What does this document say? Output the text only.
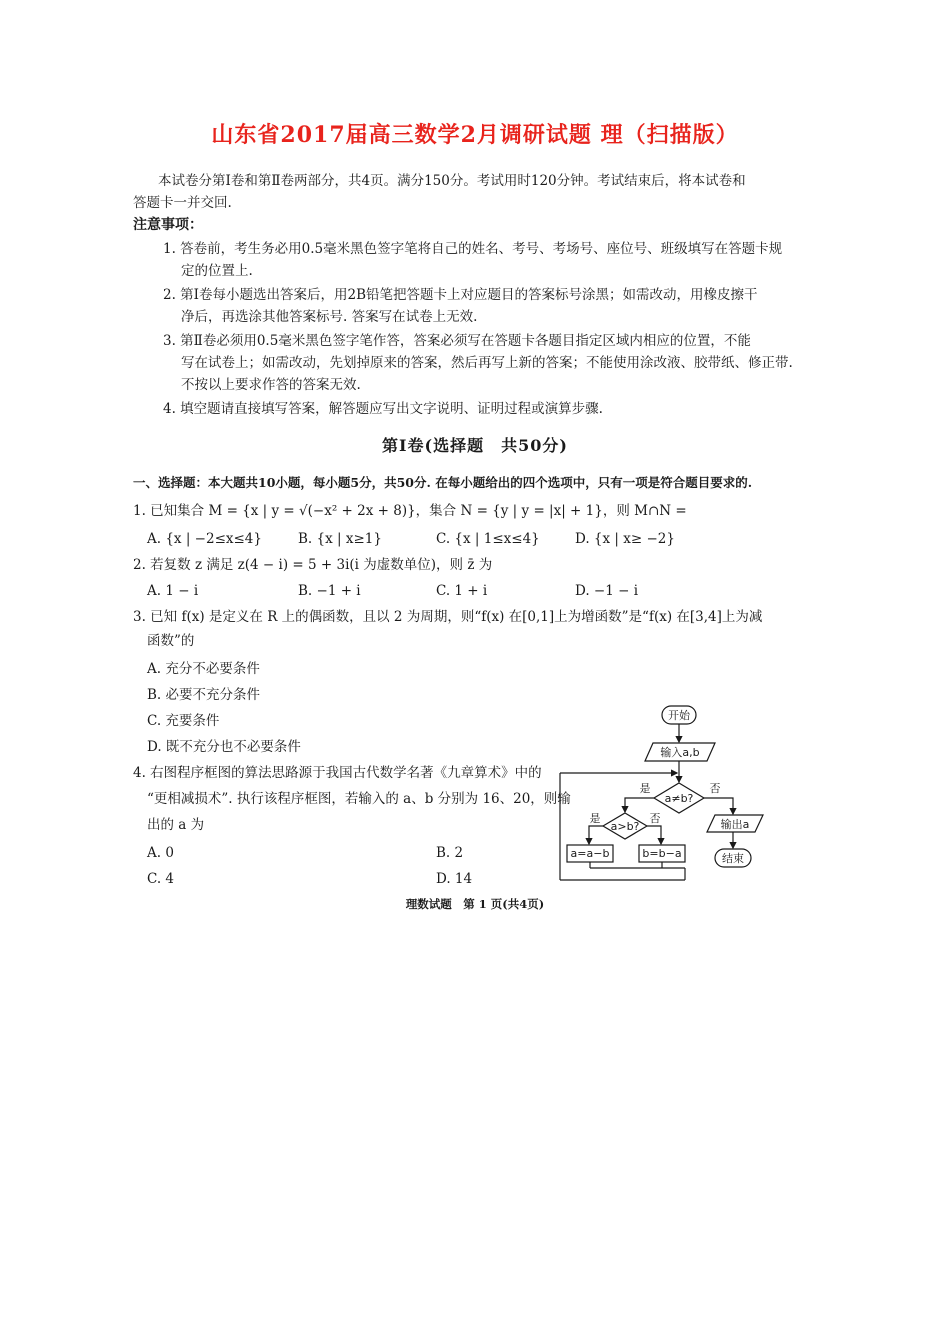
山东省2017届高三数学2月调研试题 理（扫描版）
本试卷分第Ⅰ卷和第Ⅱ卷两部分，共4页。满分150分。考试用时120分钟。考试结束后，将本试卷和
答题卡一并交回.
注意事项：
1. 答卷前，考生务必用0.5毫米黑色签字笔将自己的姓名、考号、考场号、座位号、班级填写在答题卡规
定的位置上.
2. 第Ⅰ卷每小题选出答案后，用2B铅笔把答题卡上对应题目的答案标号涂黑；如需改动，用橡皮擦干
净后，再选涂其他答案标号. 答案写在试卷上无效.
3. 第Ⅱ卷必须用0.5毫米黑色签字笔作答，答案必须写在答题卡各题目指定区域内相应的位置，不能
写在试卷上；如需改动，先划掉原来的答案，然后再写上新的答案；不能使用涂改液、胶带纸、修正带.
不按以上要求作答的答案无效.
4. 填空题请直接填写答案，解答题应写出文字说明、证明过程或演算步骤.
第Ⅰ卷(选择题　共50分)
一、选择题：本大题共10小题，每小题5分，共50分. 在每小题给出的四个选项中，只有一项是符合题目要求的.
1. 已知集合 M = {x | y = √(−x² + 2x + 8)}，集合 N = {y | y = |x| + 1}，则 M∩N =
A. {x | −2≤x≤4}	B. {x | x≥1}	C. {x | 1≤x≤4}	D. {x | x≥ −2}
2. 若复数 z 满足 z(4 − i) = 5 + 3i(i 为虚数单位)，则 z̄ 为
A. 1 − i	B. −1 + i	C. 1 + i	D. −1 − i
3. 已知 f(x) 是定义在 R 上的偶函数，且以 2 为周期，则“f(x) 在[0,1]上为增函数”是“f(x) 在[3,4]上为减
函数”的
A. 充分不必要条件
B. 必要不充分条件
C. 充要条件
D. 既不充分也不必要条件
4. 右图程序框图的算法思路源于我国古代数学名著《九章算术》中的
“更相减损术”. 执行该程序框图，若输入的 a、b 分别为 16、20，则输
出的 a 为
A. 0	B. 2
C. 4	D. 14
开始
输入a,b
a≠b?
是	否
a>b?
是	否
a=a−b	b=b−a
输出a
结束
理数试题　第 1 页(共4页)
